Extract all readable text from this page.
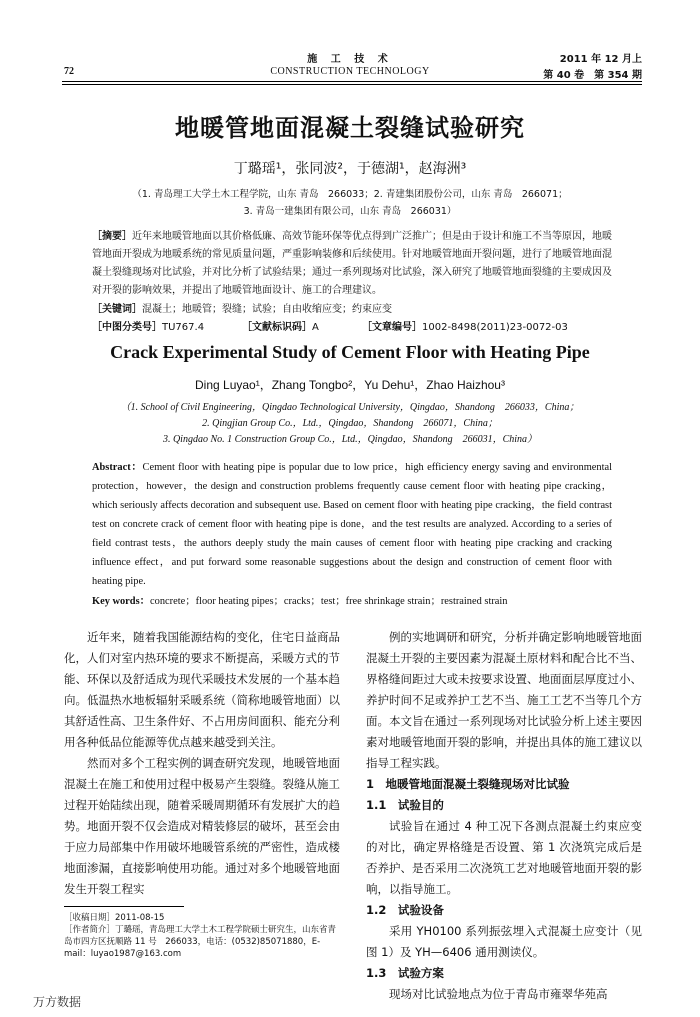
施 工 技 术
CONSTRUCTION TECHNOLOGY
72
2011 年 12 月上
第 40 卷　第 354 期
地暖管地面混凝土裂缝试验研究
丁璐瑶¹，张同波²，于德湖¹，赵海洲³
（1. 青岛理工大学土木工程学院，山东 青岛　266033；2. 青建集团股份公司，山东 青岛　266071；
3. 青岛一建集团有限公司，山东 青岛　266031）
［摘要］近年来地暖管地面以其价格低廉、高效节能环保等优点得到广泛推广；但是由于设计和施工不当等原因，地暖管地面开裂成为地暖系统的常见质量问题，严重影响装修和后续使用。针对地暖管地面开裂问题，进行了地暖管地面混凝土裂缝现场对比试验，并对比分析了试验结果；通过一系列现场对比试验，深入研究了地暖管地面裂缝的主要成因及对开裂的影响效果，并提出了地暖管地面设计、施工的合理建议。
［关键词］混凝土；地暖管；裂缝；试验；自由收缩应变；约束应变
［中图分类号］TU767.4	［文献标识码］A	［文章编号］1002-8498(2011)23-0072-03
Crack Experimental Study of Cement Floor with Heating Pipe
Ding Luyao¹，Zhang Tongbo²，Yu Dehu¹，Zhao Haizhou³
（1. School of Civil Engineering，Qingdao Technological University，Qingdao，Shandong　266033，China；
2. Qingjian Group Co.，Ltd.，Qingdao，Shandong　266071，China；
3. Qingdao No. 1 Construction Group Co.，Ltd.，Qingdao，Shandong　266031，China）
Abstract：Cement floor with heating pipe is popular due to low price，high efficiency energy saving and environmental protection，however，the design and construction problems frequently cause cement floor with heating pipe cracking，which seriously affects decoration and subsequent use. Based on cement floor with heating pipe cracking，the field contrast test on concrete crack of cement floor with heating pipe is done，and the test results are analyzed. According to a series of field contrast tests，the authors deeply study the main causes of cement floor with heating pipe cracking and cracking influence effect，and put forward some reasonable suggestions about the design and construction of cement floor with heating pipe.
Key words：concrete；floor heating pipes；cracks；test；free shrinkage strain；restrained strain

近年来，随着我国能源结构的变化，住宅日益商品化，人们对室内热环境的要求不断提高，采暖方式的节能、环保以及舒适成为现代采暖技术发展的一个基本趋向。低温热水地板辐射采暖系统（简称地暖管地面）以其舒适性高、卫生条件好、不占用房间面积、能充分利用各种低品位能源等优点越来越受到关注。

然而对多个工程实例的调查研究发现，地暖管地面混凝土在施工和使用过程中极易产生裂缝。裂缝从施工过程开始陆续出现，随着采暖周期循环有发展扩大的趋势。地面开裂不仅会造成对精装修层的破坏，甚至会由于应力局部集中作用破坏地暖管系统的严密性，造成楼地面渗漏，直接影响使用功能。通过对多个地暖管地面发生开裂工程实

例的实地调研和研究，分析并确定影响地暖管地面混凝土开裂的主要因素为混凝土原材料和配合比不当、界格缝间距过大或未按要求设置、地面面层厚度过小、养护时间不足或养护工艺不当、施工工艺不当等几个方面。本文旨在通过一系列现场对比试验分析上述主要因素对地暖管地面开裂的影响，并提出具体的施工建议以指导工程实践。

1　地暖管地面混凝土裂缝现场对比试验

1.1　试验目的

试验旨在通过 4 种工况下各测点混凝土约束应变的对比，确定界格缝是否设置、第 1 次浇筑完成后是否养护、是否采用二次浇筑工艺对地暖管地面开裂的影响，以指导施工。

1.2　试验设备

采用 YH0100 系列振弦埋入式混凝土应变计（见图 1）及 YH—6406 通用测读仪。

1.3　试验方案

现场对比试验地点为位于青岛市雍翠华苑高

［收稿日期］2011-08-15
［作者简介］丁璐瑶，青岛理工大学土木工程学院硕士研究生，山东省青岛市四方区抚顺路 11 号　266033，电话：(0532)85071880，E-mail：luyao1987@163.com
万方数据
